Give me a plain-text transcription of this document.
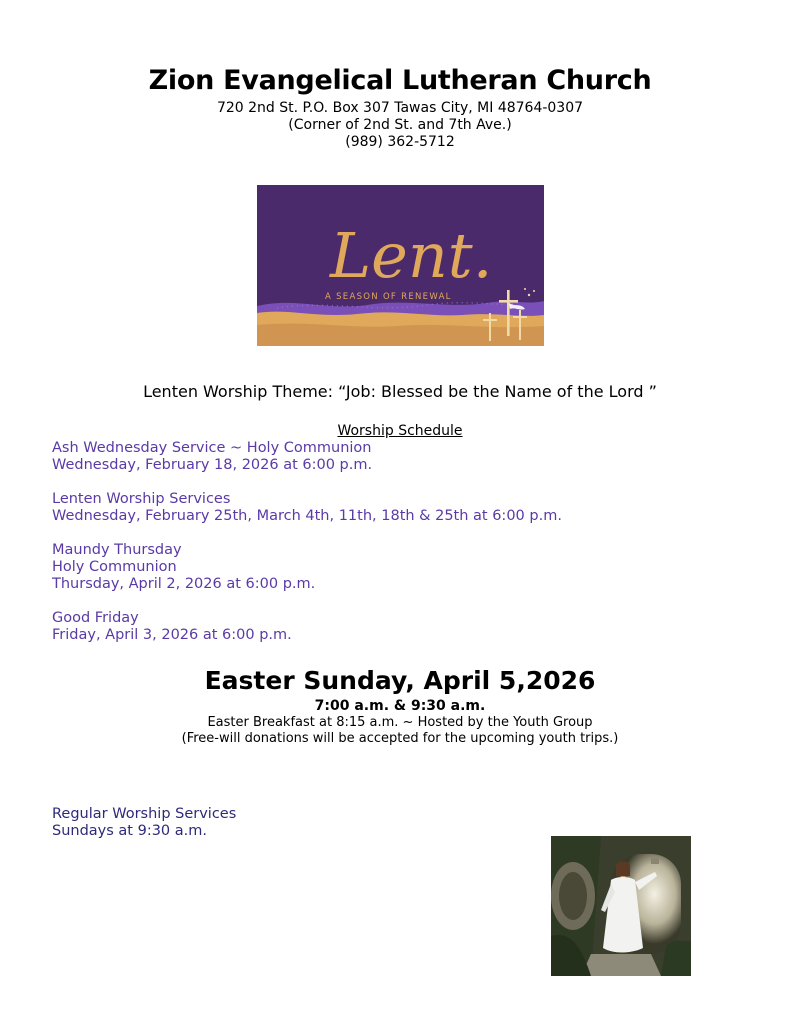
Zion Evangelical Lutheran Church
720 2nd St. P.O. Box 307 Tawas City, MI 48764-0307
(Corner of 2nd St. and 7th Ave.)
(989) 362-5712
Lent.
A SEASON OF RENEWAL
Lenten Worship Theme: “Job: Blessed be the Name of the Lord ”
Worship Schedule
Ash Wednesday Service ~ Holy Communion
Wednesday, February 18, 2026 at 6:00 p.m.
Lenten Worship Services
Wednesday, February 25th, March 4th, 11th, 18th & 25th at 6:00 p.m.
Maundy Thursday
Holy Communion
Thursday, April 2, 2026 at 6:00 p.m.
Good Friday
Friday, April 3, 2026 at 6:00 p.m.
Easter Sunday, April 5,2026
7:00 a.m. & 9:30 a.m.
Easter Breakfast at 8:15 a.m. ~ Hosted by the Youth Group
(Free-will donations will be accepted for the upcoming youth trips.)
Regular Worship Services
Sundays at 9:30 a.m.
